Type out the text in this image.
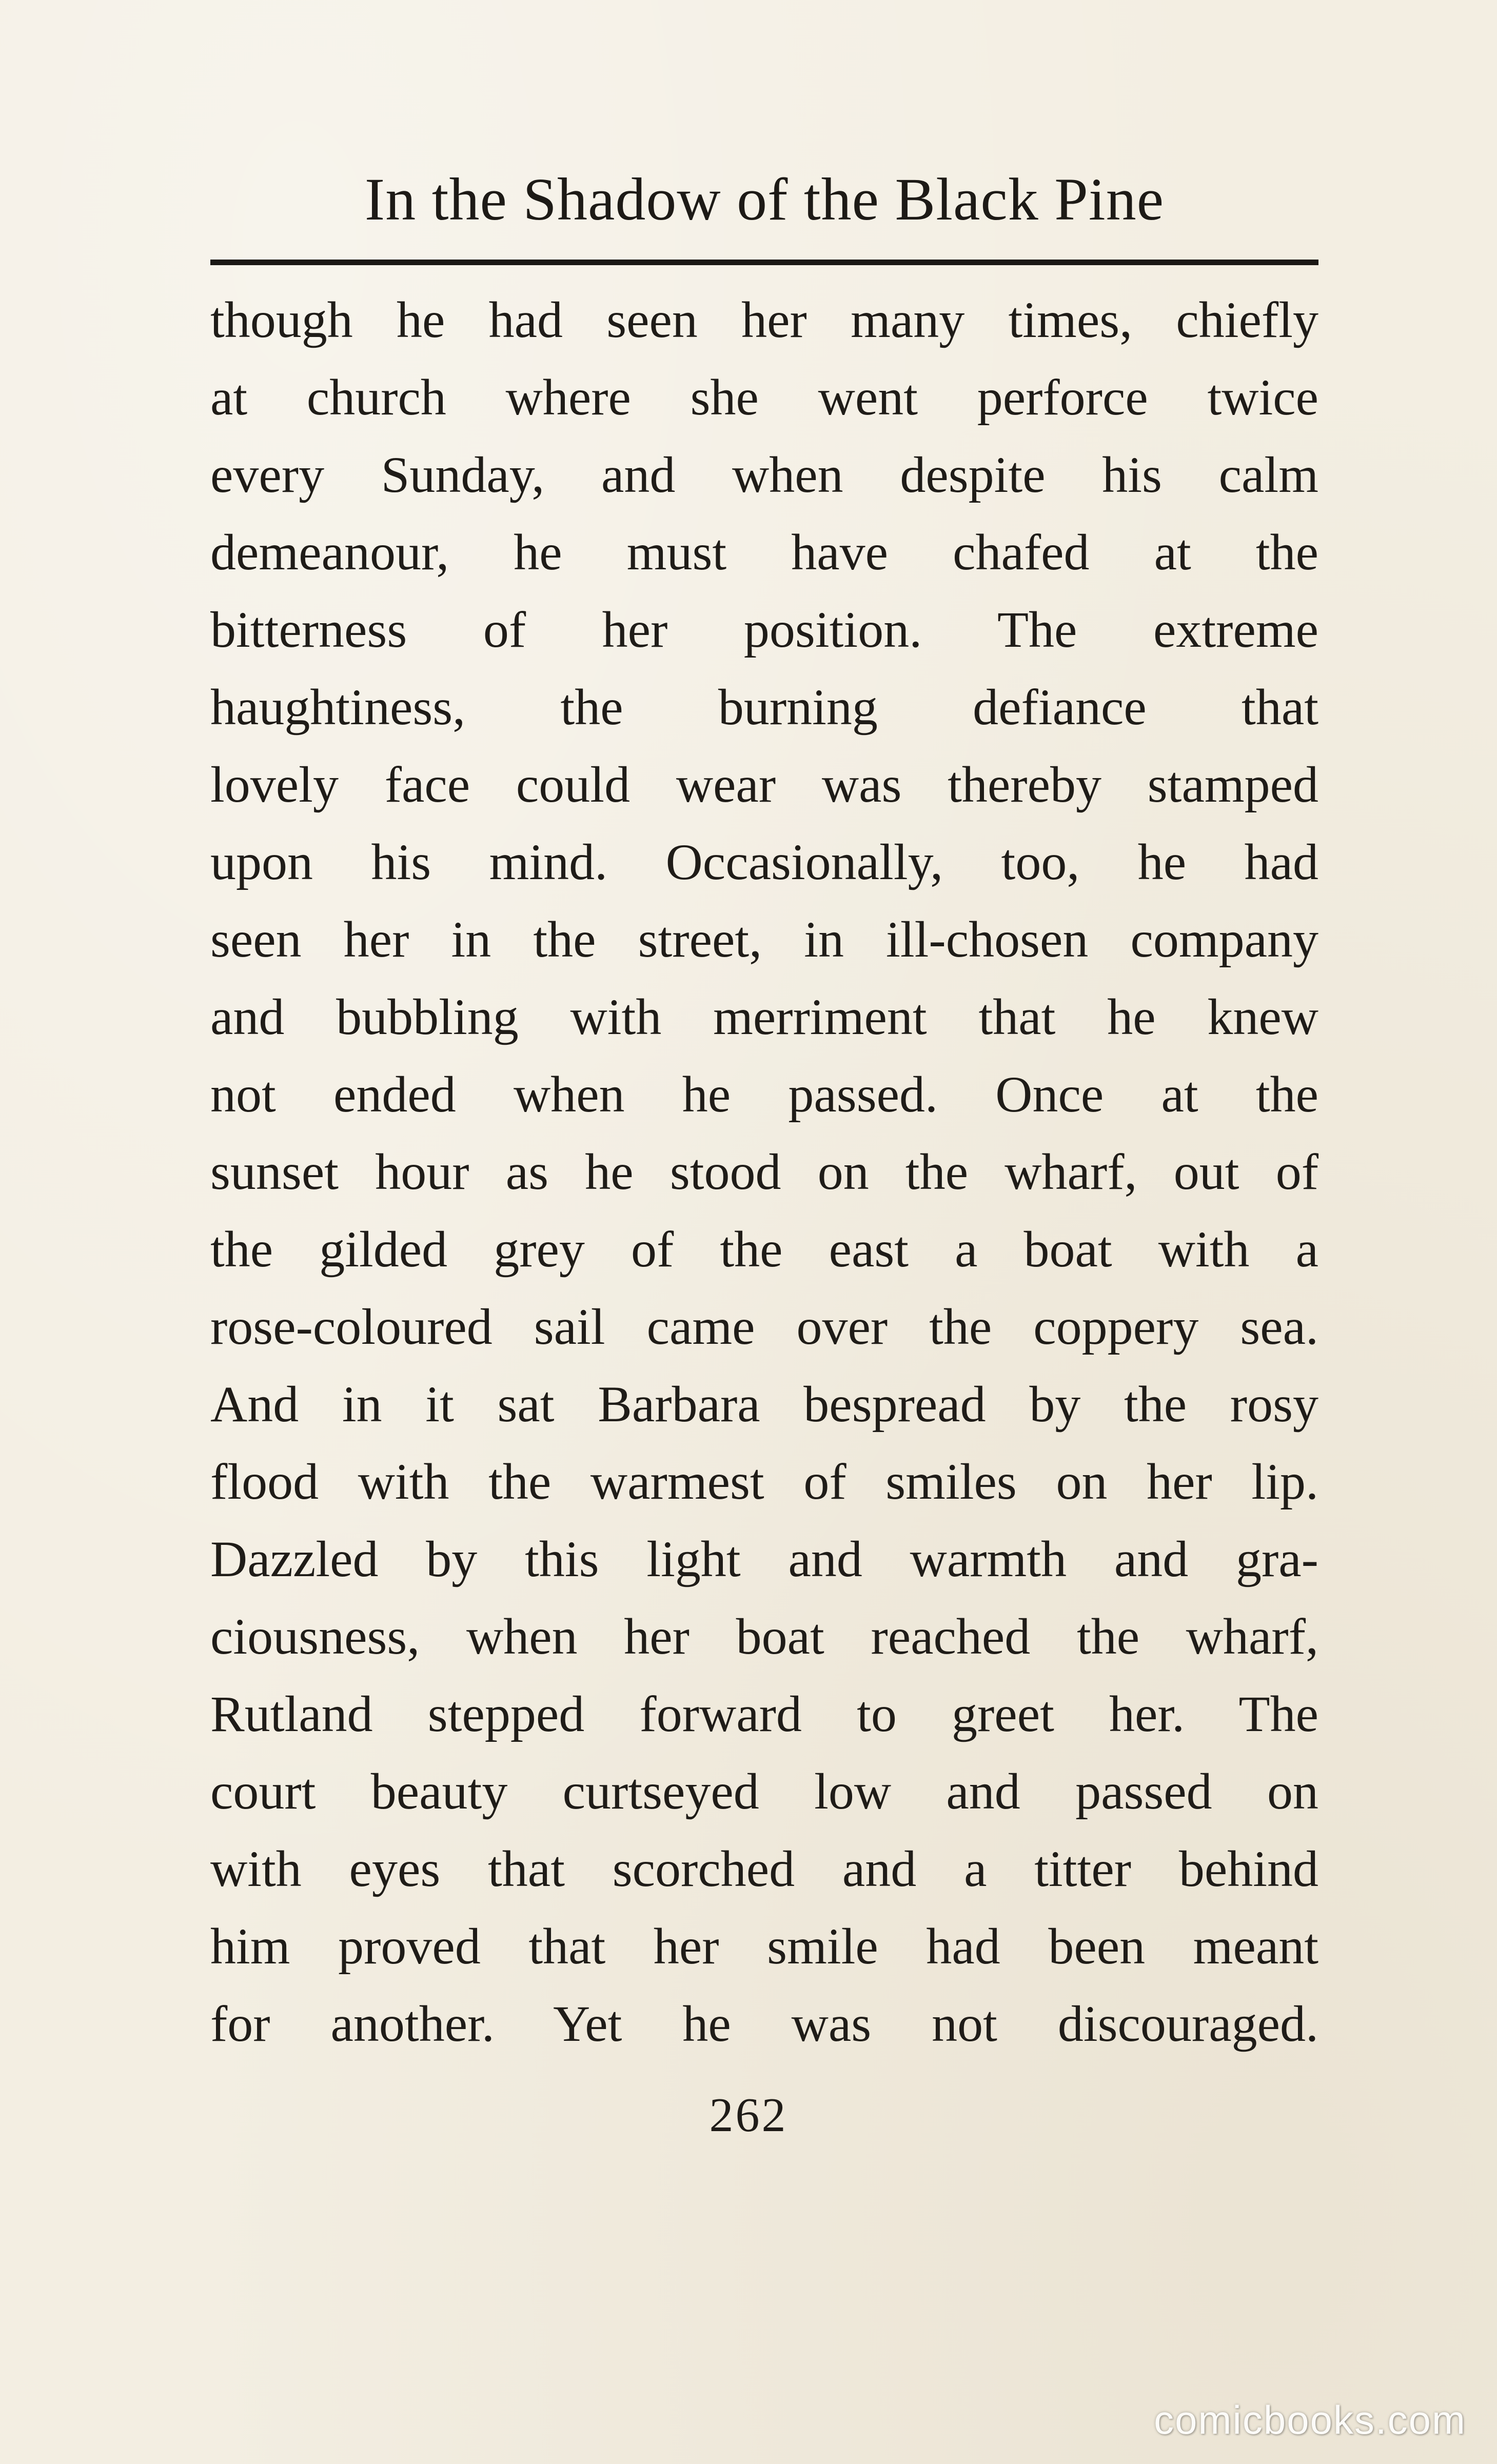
In the Shadow of the Black Pine
though he had seen her many times, chiefly
at church where she went perforce twice
every Sunday, and when despite his calm
demeanour, he must have chafed at the
bitterness of her position. The extreme
haughtiness, the burning defiance that
lovely face could wear was thereby stamped
upon his mind. Occasionally, too, he had
seen her in the street, in ill-chosen company
and bubbling with merriment that he knew
not ended when he passed. Once at the
sunset hour as he stood on the wharf, out of
the gilded grey of the east a boat with a
rose-coloured sail came over the coppery sea.
And in it sat Barbara bespread by the rosy
flood with the warmest of smiles on her lip.
Dazzled by this light and warmth and gra-
ciousness, when her boat reached the wharf,
Rutland stepped forward to greet her. The
court beauty curtseyed low and passed on
with eyes that scorched and a titter behind
him proved that her smile had been meant
for another. Yet he was not discouraged.
262
comicbooks.com
